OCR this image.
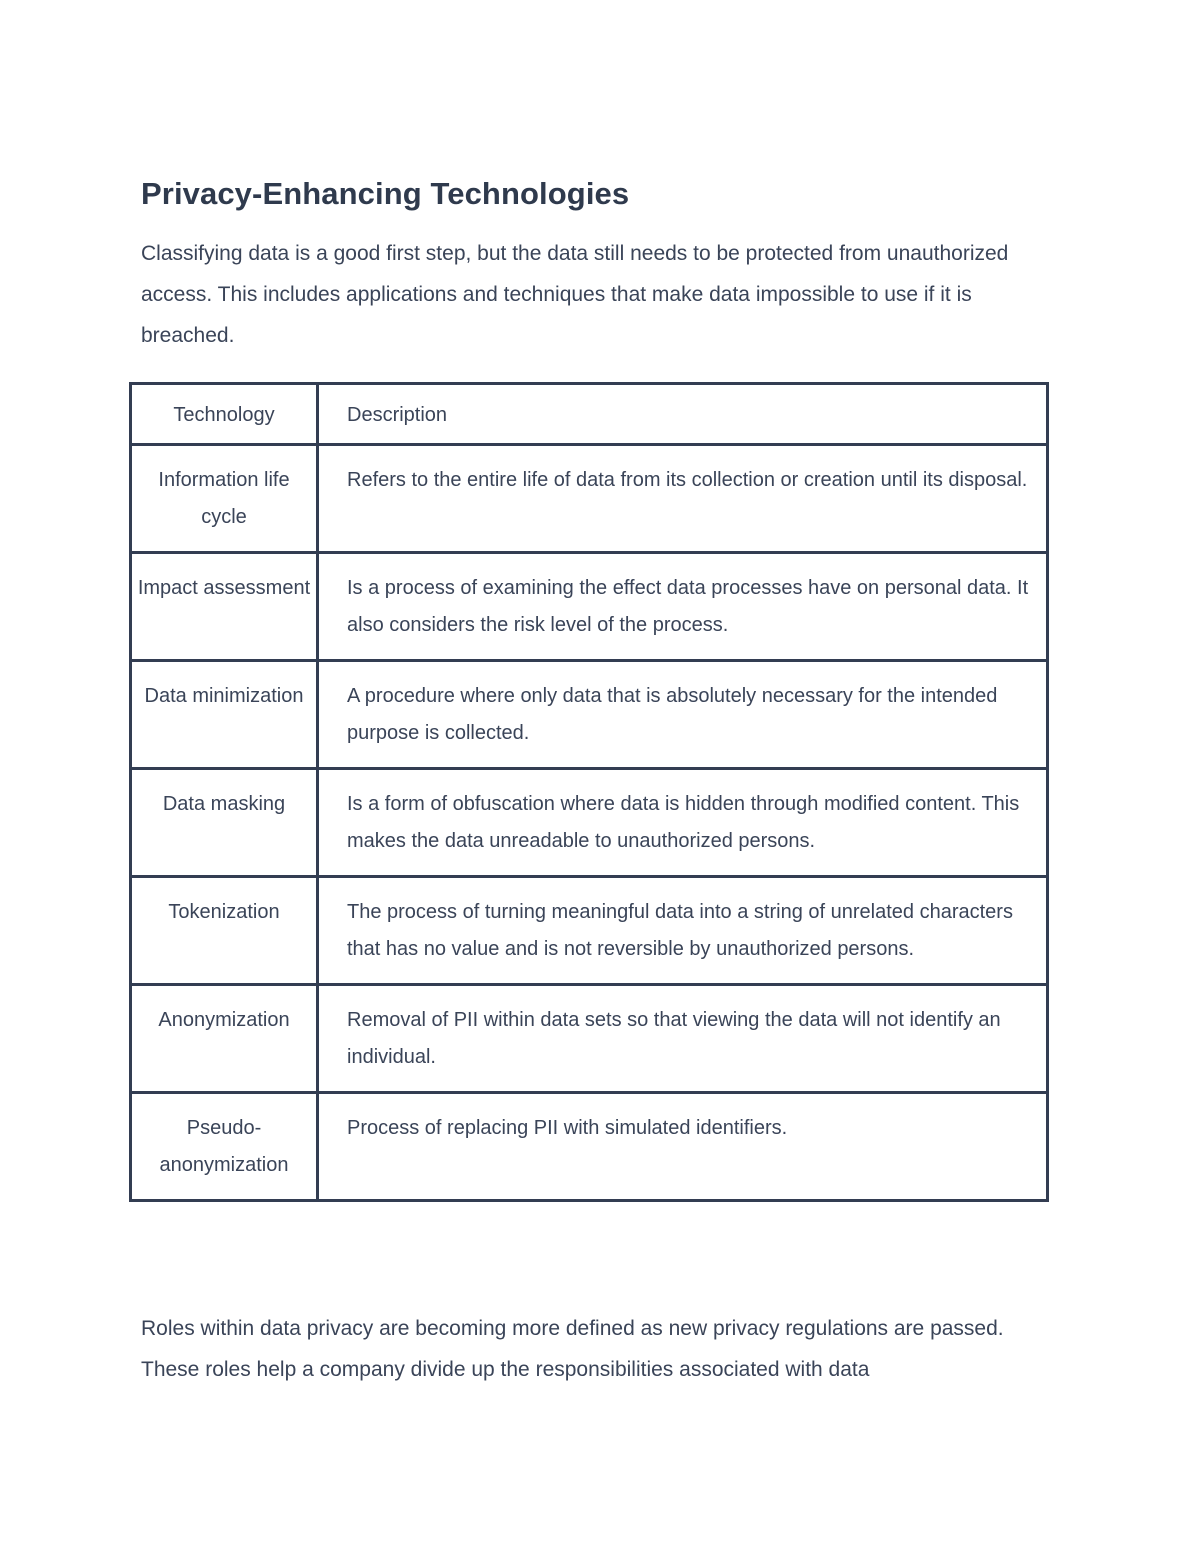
Privacy-Enhancing Technologies

Classifying data is a good first step, but the data still needs to be protected from unauthorized access. This includes applications and techniques that make data impossible to use if it is breached.

Technology	Description
Information life cycle	Refers to the entire life of data from its collection or creation until its disposal.
Impact assessment	Is a process of examining the effect data processes have on personal data. It also considers the risk level of the process.
Data minimization	A procedure where only data that is absolutely necessary for the intended purpose is collected.
Data masking	Is a form of obfuscation where data is hidden through modified content. This makes the data unreadable to unauthorized persons.
Tokenization	The process of turning meaningful data into a string of unrelated characters that has no value and is not reversible by unauthorized persons.
Anonymization	Removal of PII within data sets so that viewing the data will not identify an individual.
Pseudo-anonymization	Process of replacing PII with simulated identifiers.

Roles within data privacy are becoming more defined as new privacy regulations are passed. These roles help a company divide up the responsibilities associated with data
